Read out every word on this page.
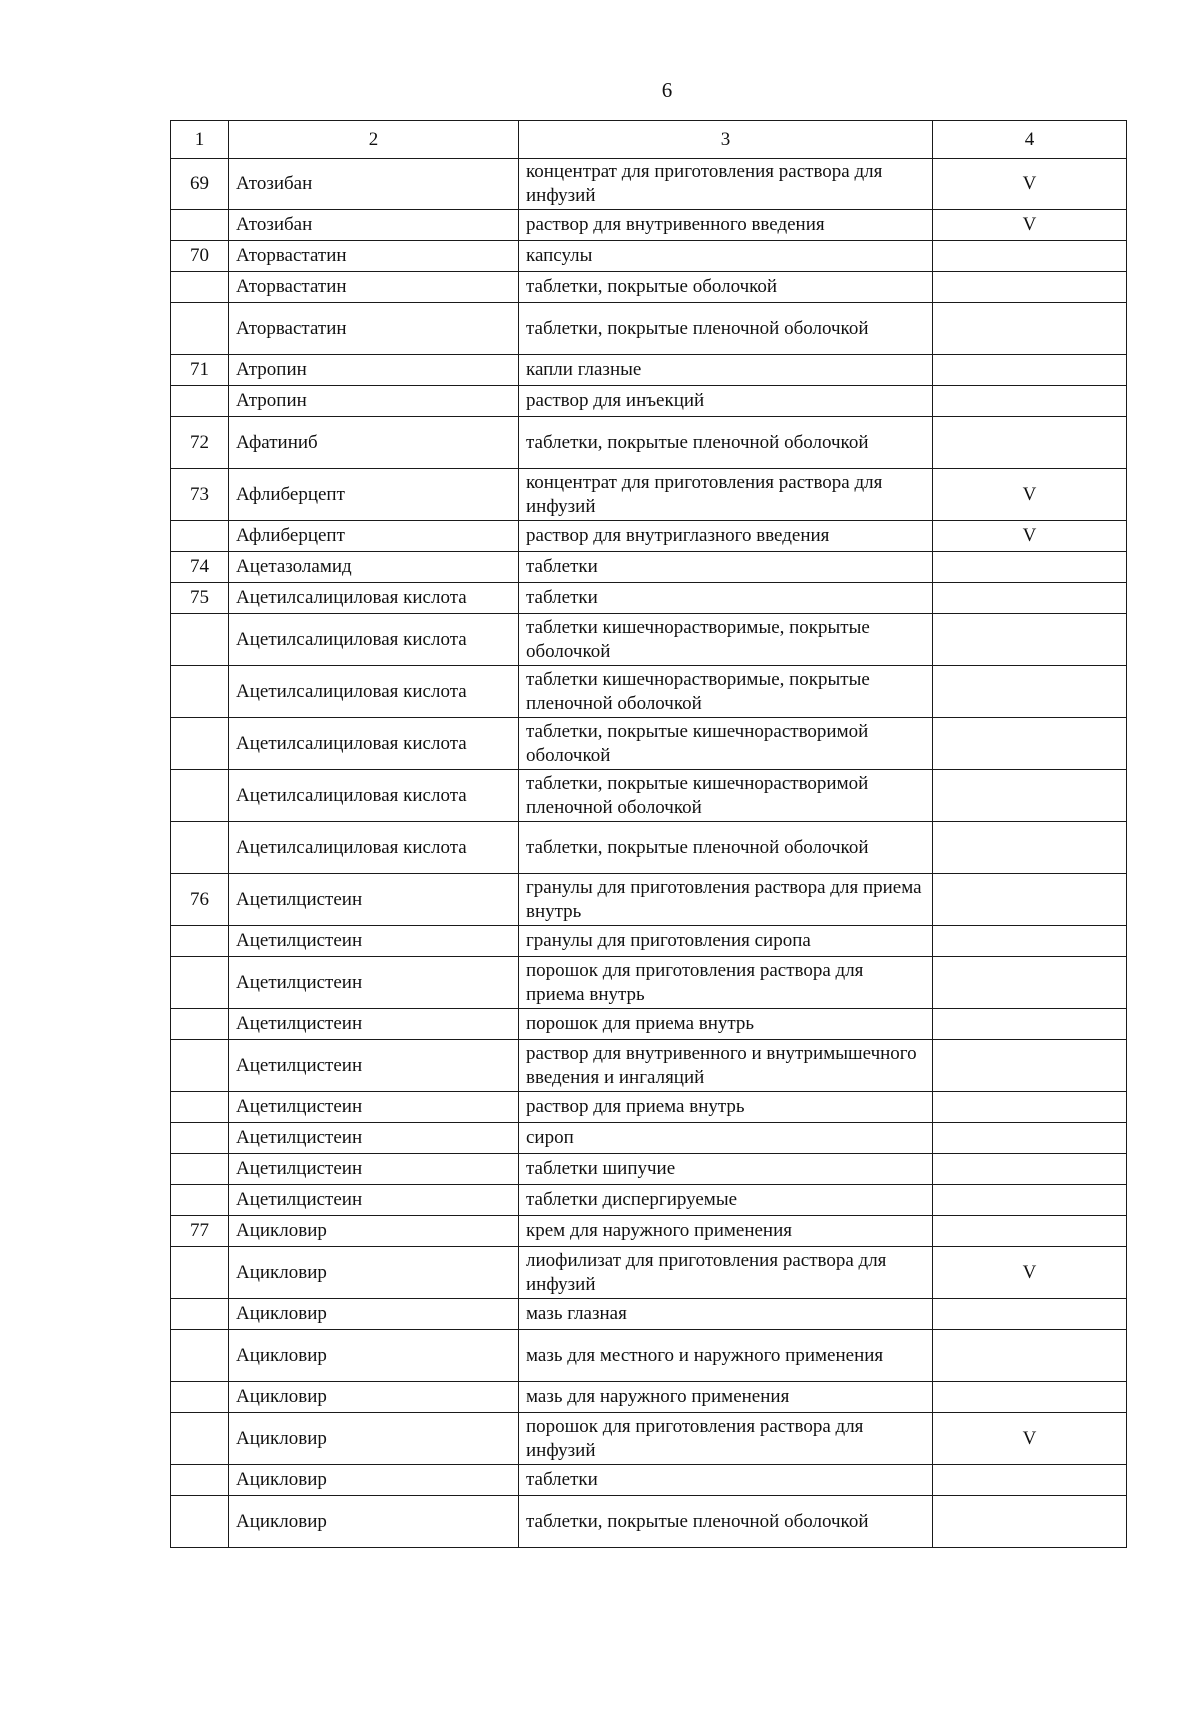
6
1	2	3	4
69	Атозибан	концентрат для приготовления раствора для инфузий	V
	Атозибан	раствор для внутривенного введения	V
70	Аторвастатин	капсулы	
	Аторвастатин	таблетки, покрытые оболочкой	
	Аторвастатин	таблетки, покрытые пленочной оболочкой	
71	Атропин	капли глазные	
	Атропин	раствор для инъекций	
72	Афатиниб	таблетки, покрытые пленочной оболочкой	
73	Афлиберцепт	концентрат для приготовления раствора для инфузий	V
	Афлиберцепт	раствор для внутриглазного введения	V
74	Ацетазоламид	таблетки	
75	Ацетилсалициловая кислота	таблетки	
	Ацетилсалициловая кислота	таблетки кишечнорастворимые, покрытые оболочкой	
	Ацетилсалициловая кислота	таблетки кишечнорастворимые, покрытые пленочной оболочкой	
	Ацетилсалициловая кислота	таблетки, покрытые кишечнорастворимой оболочкой	
	Ацетилсалициловая кислота	таблетки, покрытые кишечнорастворимой пленочной оболочкой	
	Ацетилсалициловая кислота	таблетки, покрытые пленочной оболочкой	
76	Ацетилцистеин	гранулы для приготовления раствора для приема внутрь	
	Ацетилцистеин	гранулы для приготовления сиропа	
	Ацетилцистеин	порошок для приготовления раствора для приема внутрь	
	Ацетилцистеин	порошок для приема внутрь	
	Ацетилцистеин	раствор для внутривенного и внутримышечного введения и ингаляций	
	Ацетилцистеин	раствор для приема внутрь	
	Ацетилцистеин	сироп	
	Ацетилцистеин	таблетки шипучие	
	Ацетилцистеин	таблетки диспергируемые	
77	Ацикловир	крем для наружного применения	
	Ацикловир	лиофилизат для приготовления раствора для инфузий	V
	Ацикловир	мазь глазная	
	Ацикловир	мазь для местного и наружного применения	
	Ацикловир	мазь для наружного применения	
	Ацикловир	порошок для приготовления раствора для инфузий	V
	Ацикловир	таблетки	
	Ацикловир	таблетки, покрытые пленочной оболочкой	
